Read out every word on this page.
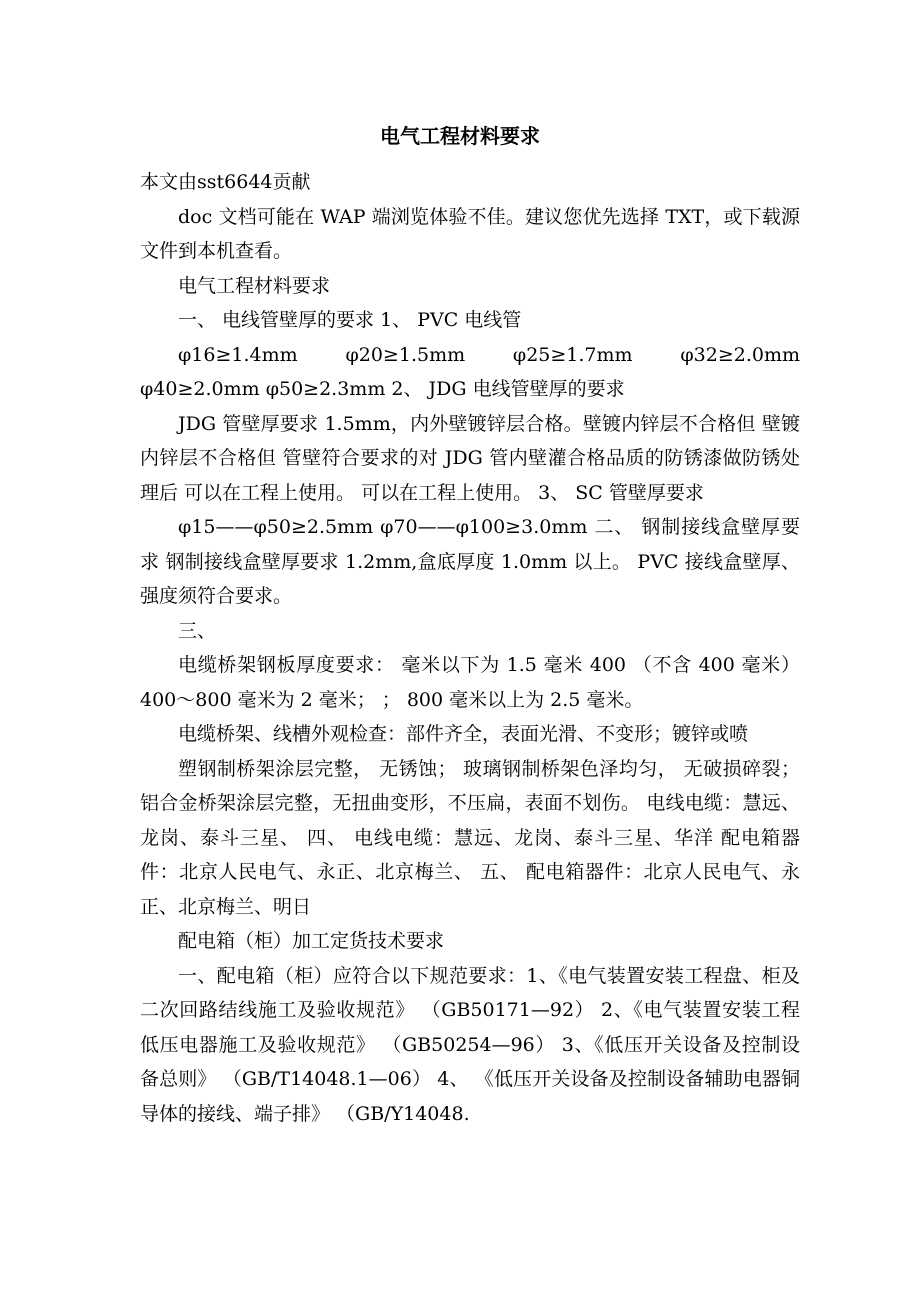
电气工程材料要求

本文由sst6644贡献

doc 文档可能在 WAP 端浏览体验不佳。建议您优先选择 TXT，或下载源文件到本机查看。

电气工程材料要求

一、 电线管壁厚的要求 1、 PVC 电线管

φ16≥1.4mm φ20≥1.5mm φ25≥1.7mm φ32≥2.0mm φ40≥2.0mm φ50≥2.3mm 2、 JDG 电线管壁厚的要求

JDG 管壁厚要求 1.5mm，内外壁镀锌层合格。壁镀内锌层不合格但 壁镀内锌层不合格但 管壁符合要求的对 JDG 管内壁灌合格品质的防锈漆做防锈处理后 可以在工程上使用。 可以在工程上使用。 3、 SC 管壁厚要求

φ15——φ50≥2.5mm φ70——φ100≥3.0mm 二、 钢制接线盒壁厚要求 钢制接线盒壁厚要求 1.2mm,盒底厚度 1.0mm 以上。 PVC 接线盒壁厚、强度须符合要求。

三、

电缆桥架钢板厚度要求： 毫米以下为 1.5 毫米 400 （不含 400 毫米） 400～800 毫米为 2 毫米； ； 800 毫米以上为 2.5 毫米。

电缆桥架、线槽外观检查：部件齐全，表面光滑、不变形；镀锌或喷

塑钢制桥架涂层完整， 无锈蚀； 玻璃钢制桥架色泽均匀， 无破损碎裂； 铝合金桥架涂层完整，无扭曲变形，不压扁，表面不划伤。 电线电缆：慧远、龙岗、泰斗三星、 四、 电线电缆：慧远、龙岗、泰斗三星、华洋 配电箱器件：北京人民电气、永正、北京梅兰、 五、 配电箱器件：北京人民电气、永正、北京梅兰、明日

配电箱（柜）加工定货技术要求

一、配电箱（柜）应符合以下规范要求：1、《电气装置安装工程盘、柜及二次回路结线施工及验收规范》 （GB50171—92） 2、《电气装置安装工程低压电器施工及验收规范》 （GB50254—96） 3、《低压开关设备及控制设备总则》 （GB/T14048.1—06） 4、 《低压开关设备及控制设备辅助电器铜导体的接线、端子排》 （GB/Y14048.
